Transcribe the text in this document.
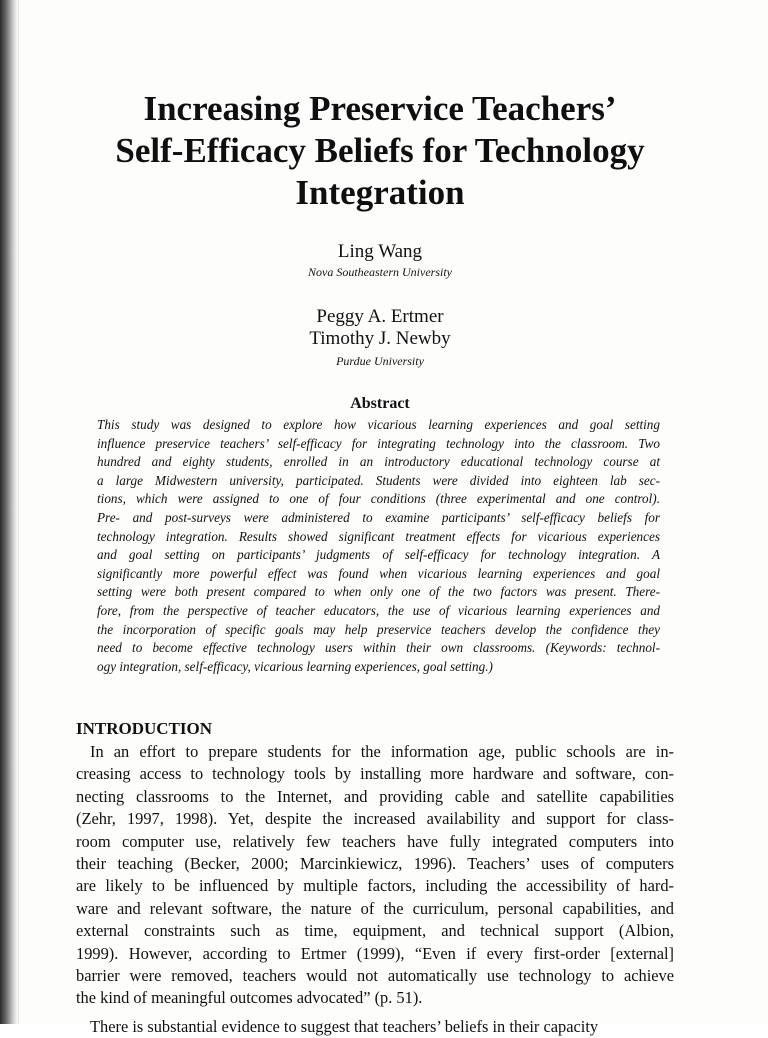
Increasing Preservice Teachers’
Self-Efficacy Beliefs for Technology
Integration

Ling Wang

Nova Southeastern University

Peggy A. Ertmer

Timothy J. Newby

Purdue University

Abstract
This study was designed to explore how vicarious learning experiences and goal setting
influence preservice teachers’ self-efficacy for integrating technology into the classroom. Two
hundred and eighty students, enrolled in an introductory educational technology course at
a large Midwestern university, participated. Students were divided into eighteen lab sec-
tions, which were assigned to one of four conditions (three experimental and one control).
Pre- and post-surveys were administered to examine participants’ self-efficacy beliefs for
technology integration. Results showed significant treatment effects for vicarious experiences
and goal setting on participants’ judgments of self-efficacy for technology integration. A
significantly more powerful effect was found when vicarious learning experiences and goal
setting were both present compared to when only one of the two factors was present. There-
fore, from the perspective of teacher educators, the use of vicarious learning experiences and
the incorporation of specific goals may help preservice teachers develop the confidence they
need to become effective technology users within their own classrooms. (Keywords: technol-
ogy integration, self-efficacy, vicarious learning experiences, goal setting.)
INTRODUCTION
In an effort to prepare students for the information age, public schools are in-
creasing access to technology tools by installing more hardware and software, con-
necting classrooms to the Internet, and providing cable and satellite capabilities
(Zehr, 1997, 1998). Yet, despite the increased availability and support for class-
room computer use, relatively few teachers have fully integrated computers into
their teaching (Becker, 2000; Marcinkiewicz, 1996). Teachers’ uses of computers
are likely to be influenced by multiple factors, including the accessibility of hard-
ware and relevant software, the nature of the curriculum, personal capabilities, and
external constraints such as time, equipment, and technical support (Albion,
1999). However, according to Ertmer (1999), “Even if every first-order [external]
barrier were removed, teachers would not automatically use technology to achieve
the kind of meaningful outcomes advocated” (p. 51).
There is substantial evidence to suggest that teachers’ beliefs in their capacity
